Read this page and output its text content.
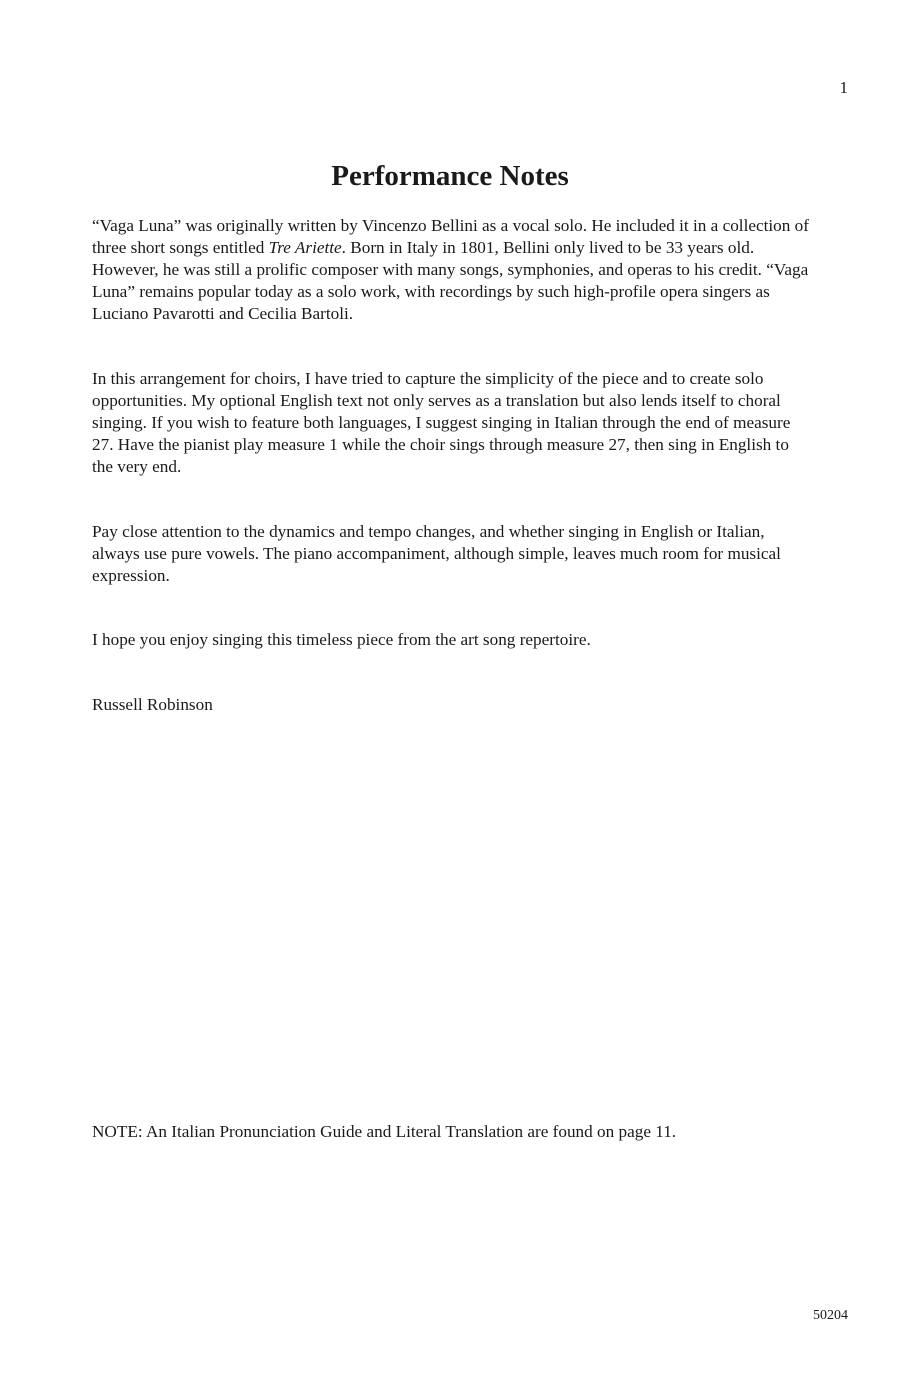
1
Performance Notes

“Vaga Luna” was originally written by Vincenzo Bellini as a vocal solo. He included it in a collection of three short songs entitled Tre Ariette. Born in Italy in 1801, Bellini only lived to be 33 years old. However, he was still a prolific composer with many songs, symphonies, and operas to his credit. “Vaga Luna” remains popular today as a solo work, with recordings by such high-profile opera singers as Luciano Pavarotti and Cecilia Bartoli.

In this arrangement for choirs, I have tried to capture the simplicity of the piece and to create solo opportunities. My optional English text not only serves as a translation but also lends itself to choral singing. If you wish to feature both languages, I suggest singing in Italian through the end of measure 27. Have the pianist play measure 1 while the choir sings through measure 27, then sing in English to the very end.

Pay close attention to the dynamics and tempo changes, and whether singing in English or Italian, always use pure vowels. The piano accompaniment, although simple, leaves much room for musical expression.

I hope you enjoy singing this timeless piece from the art song repertoire.

Russell Robinson

NOTE: An Italian Pronunciation Guide and Literal Translation are found on page 11.

50204
